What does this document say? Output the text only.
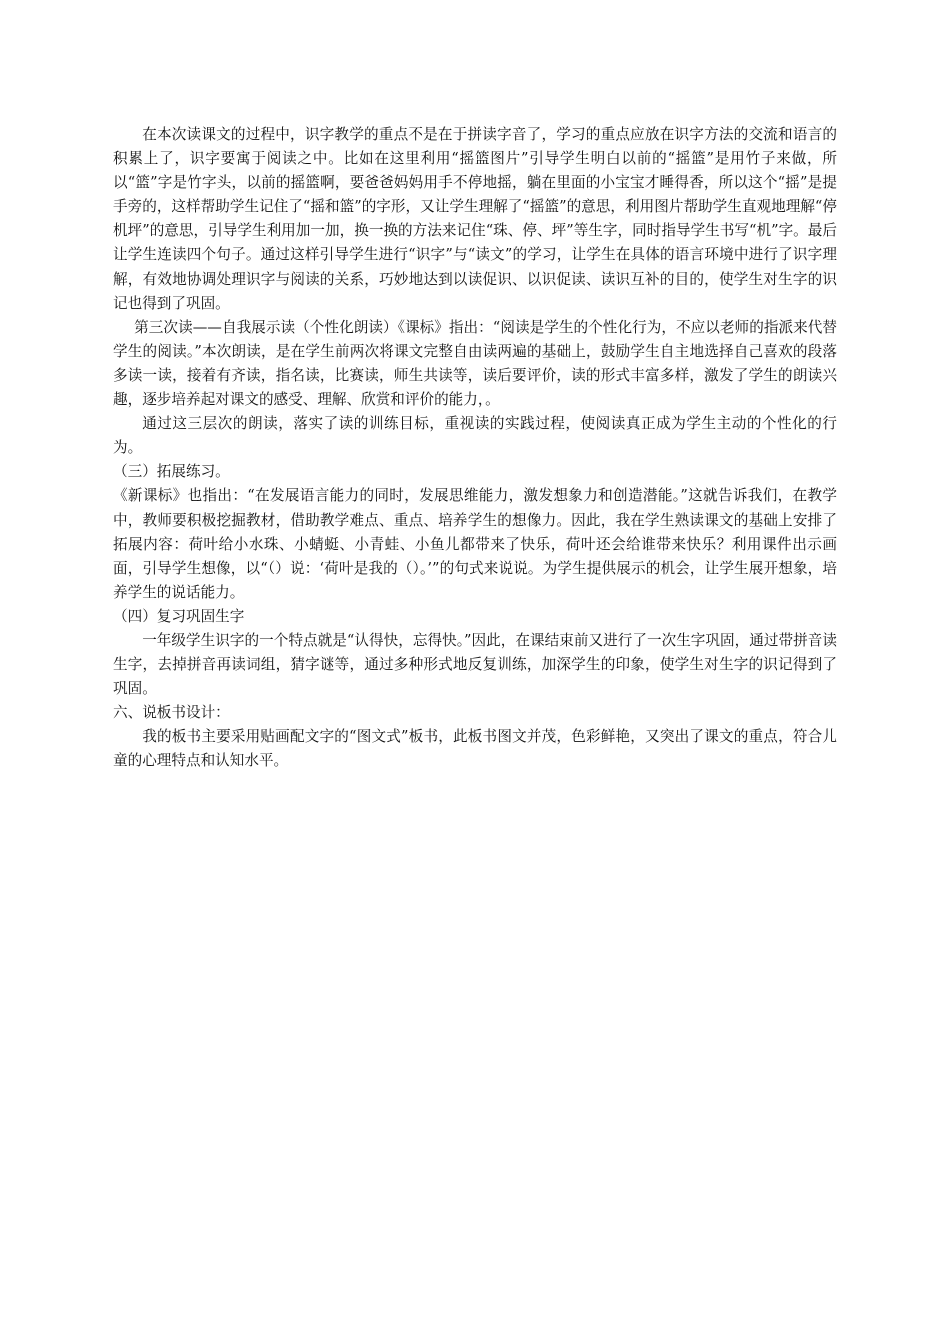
在本次读课文的过程中，识字教学的重点不是在于拼读字音了，学习的重点应放在识字方法的交流和语言的积累上了，识字要寓于阅读之中。比如在这里利用“摇篮图片”引导学生明白以前的“摇篮”是用竹子来做，所以“篮”字是竹字头，以前的摇篮啊，要爸爸妈妈用手不停地摇，躺在里面的小宝宝才睡得香，所以这个“摇”是提手旁的，这样帮助学生记住了“摇和篮”的字形，又让学生理解了“摇篮”的意思，利用图片帮助学生直观地理解“停机坪”的意思，引导学生利用加一加，换一换的方法来记住“珠、停、坪”等生字，同时指导学生书写“机”字。最后让学生连读四个句子。通过这样引导学生进行“识字”与“读文”的学习，让学生在具体的语言环境中进行了识字理解，有效地协调处理识字与阅读的关系，巧妙地达到以读促识、以识促读、读识互补的目的，使学生对生字的识记也得到了巩固。

第三次读——自我展示读（个性化朗读）《课标》指出：“阅读是学生的个性化行为，不应以老师的指派来代替学生的阅读。”本次朗读，是在学生前两次将课文完整自由读两遍的基础上，鼓励学生自主地选择自己喜欢的段落多读一读，接着有齐读，指名读，比赛读，师生共读等，读后要评价，读的形式丰富多样，激发了学生的朗读兴趣，逐步培养起对课文的感受、理解、欣赏和评价的能力，。

通过这三层次的朗读，落实了读的训练目标，重视读的实践过程，使阅读真正成为学生主动的个性化的行为。

（三）拓展练习。

《新课标》也指出：“在发展语言能力的同时，发展思维能力，激发想象力和创造潜能。”这就告诉我们，在教学中，教师要积极挖掘教材，借助教学难点、重点、培养学生的想像力。因此，我在学生熟读课文的基础上安排了拓展内容：荷叶给小水珠、小蜻蜓、小青蛙、小鱼儿都带来了快乐，荷叶还会给谁带来快乐？利用课件出示画面，引导学生想像，以“（）说：‘荷叶是我的（）。’”的句式来说说。为学生提供展示的机会，让学生展开想象，培养学生的说话能力。

（四）复习巩固生字

一年级学生识字的一个特点就是“认得快，忘得快。”因此，在课结束前又进行了一次生字巩固，通过带拼音读生字，去掉拼音再读词组，猜字谜等，通过多种形式地反复训练，加深学生的印象，使学生对生字的识记得到了巩固。

六、说板书设计：

我的板书主要采用贴画配文字的“图文式”板书，此板书图文并茂，色彩鲜艳，又突出了课文的重点，符合儿童的心理特点和认知水平。
